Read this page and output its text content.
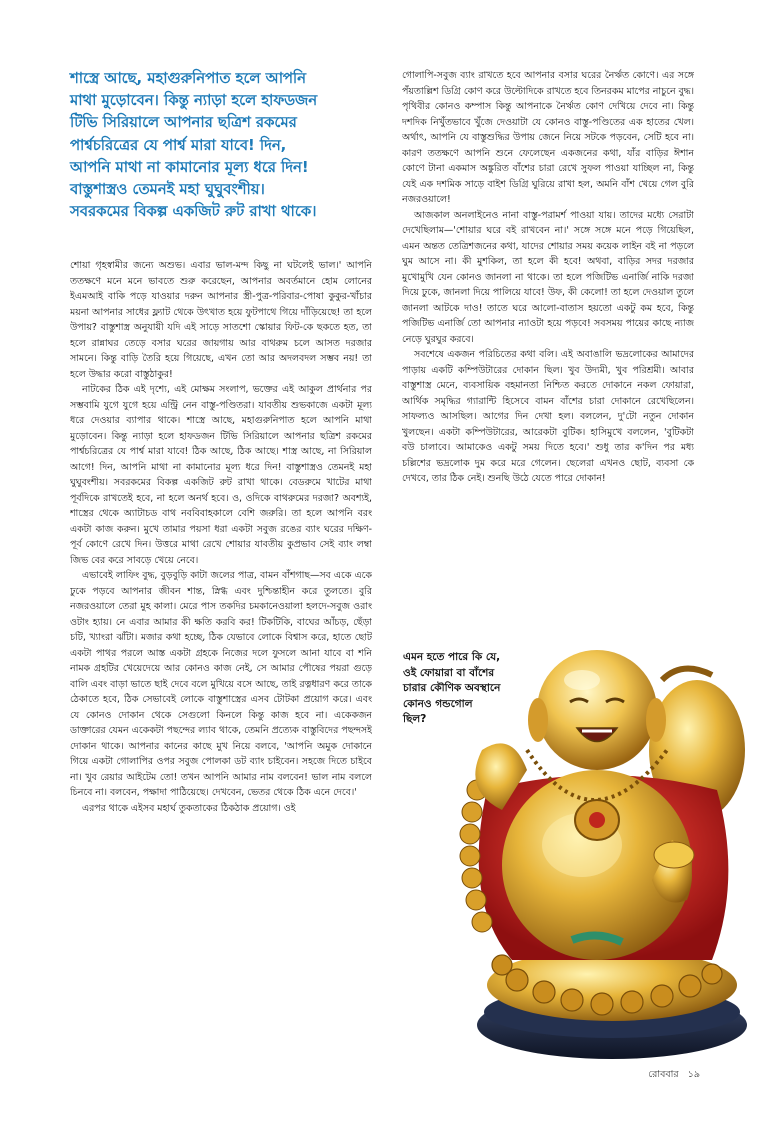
শাস্ত্রে আছে, মহাগুরুনিপাত হলে আপনি

মাথা মুড়োবেন। কিন্তু ন্যাড়া হলে হাফডজন

টিভি সিরিয়ালে আপনার ছত্রিশ রকমের

পার্শ্বচরিত্রের যে পার্শ্ব মারা যাবে! দিন,

আপনি মাথা না কামানোর মূল্য ধরে দিন!

বাস্তুশাস্ত্রও তেমনই মহা ঘুঘুবংশীয়।

সবরকমের বিকল্প একজিট রুট রাখা থাকে।

শোয়া গৃহস্বামীর জন্যে অশুভ। এবার ভাল-মন্দ কিছু না ঘটলেই ভাল।' আপনি ততক্ষণে মনে মনে ভাবতে শুরু করেছেন, আপনার অবর্তমানে হোম লোনের ইএমআই বাকি পড়ে যাওয়ার দরুন আপনার স্ত্রী-পুত্র-পরিবার-পোষা কুকুর-খাঁচার ময়না আপনার সাধের ফ্ল্যাট থেকে উৎখাত হয়ে ফুটপাথে গিয়ে দাঁড়িয়েছে! তা হলে উপায়? বাস্তুশাস্ত্র অনুযায়ী যদি এই সাড়ে সাতশো স্কোয়ার ফিট-কে ছকতে হত, তা হলে রান্নাঘর তেড়ে বসার ঘরের জায়গায় আর বাথরুম চলে আসত দরজার সামনে। কিন্তু বাড়ি তৈরি হয়ে গিয়েছে, এখন তো আর অদলবদল সম্ভব নয়! তা হলে উদ্ধার করো বাস্তুঠাকুর!

নাটকের ঠিক এই দৃশ্যে, এই মোক্ষম সংলাপ, ভক্তের এই আকুল প্রার্থনার পর সম্ভবামি যুগে যুগে হয়ে এন্ট্রি নেন বাস্তু-পণ্ডিতরা। যাবতীয় শুভকাজে একটা মূল্য ধরে দেওয়ার ব্যাপার থাকে। শাস্ত্রে আছে, মহাগুরুনিপাত হলে আপনি মাথা মুড়োবেন। কিন্তু ন্যাড়া হলে হাফডজন টিভি সিরিয়ালে আপনার ছত্রিশ রকমের পার্শ্বচরিত্রের যে পার্শ্ব মারা যাবে! ঠিক আছে, ঠিক আছে। শাস্ত্র আছে, না সিরিয়াল আগে! দিন, আপনি মাথা না কামানোর মূল্য ধরে দিন! বাস্তুশাস্ত্রও তেমনই মহা ঘুঘুবংশীয়। সবরকমের বিকল্প একজিট রুট রাখা থাকে। বেডরুমে খাটের মাথা পূর্বদিকে রাখতেই হবে, না হলে অনর্থ হবে। ও, ওদিকে বাথরুমের দরজা? অবশ্যই, শাস্ত্রের থেকে অ্যাটাচড বাথ নববিবাহকালে বেশি জরুরি। তা হলে আপনি বরং একটা কাজ করুন। মুখে তামার পয়সা ধরা একটা সবুজ রঙের ব্যাং ঘরের দক্ষিণ-পূর্ব কোণে রেখে দিন। উত্তরে মাথা রেখে শোয়ার যাবতীয় কুপ্রভাব সেই ব্যাং লম্বা জিভ বের করে সাবড়ে খেয়ে নেবে।

এভাবেই লাফিং বুদ্ধ, বুড়বুড়ি কাটা জলের পাত্র, বামন বাঁশগাছ—সব একে একে ঢুকে পড়বে আপনার জীবন শান্ত, স্নিগ্ধ এবং দুশ্চিন্তাহীন করে তুলতে। বুরি নজরওয়ালে তেরা মুহ কালা। মেরে পাস তকদির চমকানেওয়ালা হলদে-সবুজ ওরাং ওটাং হ্যায়। নে এবার আমার কী ক্ষতি করবি কর! টিকটিকি, বাঘের আঁচড়, ছেঁড়া চটি, খ্যাংরা ঝাঁটা। মজার কথা হচ্ছে, ঠিক যেভাবে লোকে বিশ্বাস করে, হাতে ছোট একটা পাথর পরলে আস্ত একটা গ্রহকে নিজের দলে ফুসলে আনা যাবে বা শনি নামক গ্রহটির খেয়েদেয়ে আর কোনও কাজ নেই, সে আমার পৌষের পয়রা গুড়ে বালি এবং বাড়া ভাতে ছাই দেবে বলে মুখিয়ে বসে আছে, তাই রত্নধারণ করে তাকে ঠেকাতে হবে, ঠিক সেভাবেই লোকে বাস্তুশাস্ত্রের এসব টোটকা প্রয়োগ করে। এবং যে কোনও দোকান থেকে সেগুলো কিনলে কিন্তু কাজ হবে না। একেকজন ডাক্তারের যেমন একেকটা পছন্দের ল্যাব থাকে, তেমনি প্রত্যেক বাস্তুবিদের পছন্দসই দোকান থাকে। আপনার কানের কাছে মুখ নিয়ে বলবে, 'আপনি অমুক দোকানে গিয়ে একটা গোলাপির ওপর সবুজ পোলকা ডট ব্যাং চাইবেন। সহজে দিতে চাইবে না। খুব রেয়ার আইটেম তো! তখন আপনি আমার নাম বলবেন! ভাল নাম বললে চিনবে না। বলবেন, পক্ষাদা পাঠিয়েছে। দেখবেন, ভেতর থেকে ঠিক এনে দেবে।'

এরপর থাকে এইসব মহার্ঘ তুকতাকের ঠিকঠাক প্রয়োগ। ওই

গোলাপি-সবুজ ব্যাং রাখতে হবে আপনার বসার ঘরের নৈর্ঋত কোণে। এর সঙ্গে পঁয়তাল্লিশ ডিগ্রি কোণ করে উল্টোদিকে রাখতে হবে তিনরকম মাপের নাচুনে বুদ্ধ। পৃথিবীর কোনও কম্পাস কিন্তু আপনাকে নৈর্ঋত কোণ দেখিয়ে দেবে না। কিন্তু দশদিক নিখুঁতভাবে খুঁজে দেওয়াটা যে কোনও বাস্তু-পণ্ডিতের এক হাতের খেল। অর্থাৎ, আপনি যে বাস্তুশুদ্ধির উপায় জেনে নিয়ে সটকে পড়বেন, সেটি হবে না। কারণ ততক্ষণে আপনি শুনে ফেলেছেন একজনের কথা, যাঁর বাড়ির ঈশান কোণে টানা একমাস অঙ্কুরিত বাঁশের চারা রেখে সুফল পাওয়া যাচ্ছিল না, কিন্তু যেই এক দশমিক সাড়ে বাইশ ডিগ্রি ঘুরিয়ে রাখা হল, অমনি বাঁশ খেয়ে গেল বুরি নজরওয়ালে!

আজকাল অনলাইনেও নানা বাস্তু-পরামর্শ পাওয়া যায়। তাদের মধ্যে সেরাটা দেখেছিলাম—'শোয়ার ঘরে বই রাখবেন না।' সঙ্গে সঙ্গে মনে পড়ে গিয়েছিল, এমন অন্তত তেত্রিশজনের কথা, যাদের শোয়ার সময় কয়েক লাইন বই না পড়লে ঘুম আসে না। কী মুশকিল, তা হলে কী হবে! অথবা, বাড়ির সদর দরজার মুখোমুখি যেন কোনও জানলা না থাকে। তা হলে পজিটিভ এনার্জি নাকি দরজা দিয়ে ঢুকে, জানলা দিয়ে পালিয়ে যাবে! উফ, কী কেলো! তা হলে দেওয়াল তুলে জানলা আটকে দাও! তাতে ঘরে আলো-বাতাস হয়তো একটু কম হবে, কিন্তু পজিটিভ এনার্জি তো আপনার ন্যাওটা হয়ে পড়বে! সবসময় পায়ের কাছে ন্যাজ নেড়ে ঘুরঘুর করবে।

সবশেষে একজন পরিচিতের কথা বলি। এই অবাঙালি ভদ্রলোকের আমাদের পাড়ায় একটি কম্পিউটারের দোকান ছিল। খুব উদ্যমী, খুব পরিশ্রমী। আবার বাস্তুশাস্ত্র মেনে, ব্যবসায়িক বহমানতা নিশ্চিত করতে দোকানে নকল ফোয়ারা, আর্থিক সমৃদ্ধির গ্যারান্টি হিসেবে বামন বাঁশের চারা দোকানে রেখেছিলেন। সাফল্যও আসছিল। আগের দিন দেখা হল। বললেন, দু'টো নতুন দোকান খুলছেন। একটা কম্পিউটারের, আরেকটা বুটিক। হাসিমুখে বললেন, 'বুটিকটা বউ চালাবে। আমাকেও একটু সময় দিতে হবে।' শুধু তার ক'দিন পর মধ্য চল্লিশের ভদ্রলোক দুম করে মরে গেলেন। ছেলেরা এখনও ছোট, ব্যবসা কে দেখবে, তার ঠিক নেই। শুনছি উঠে যেতে পারে দোকান!

এমন হতে পারে কি যে,
ওই ফোয়ারা বা বাঁশের
চারার কৌণিক অবস্থানে
কোনও গন্ডগোল
ছিল?
রোববার ১৯
